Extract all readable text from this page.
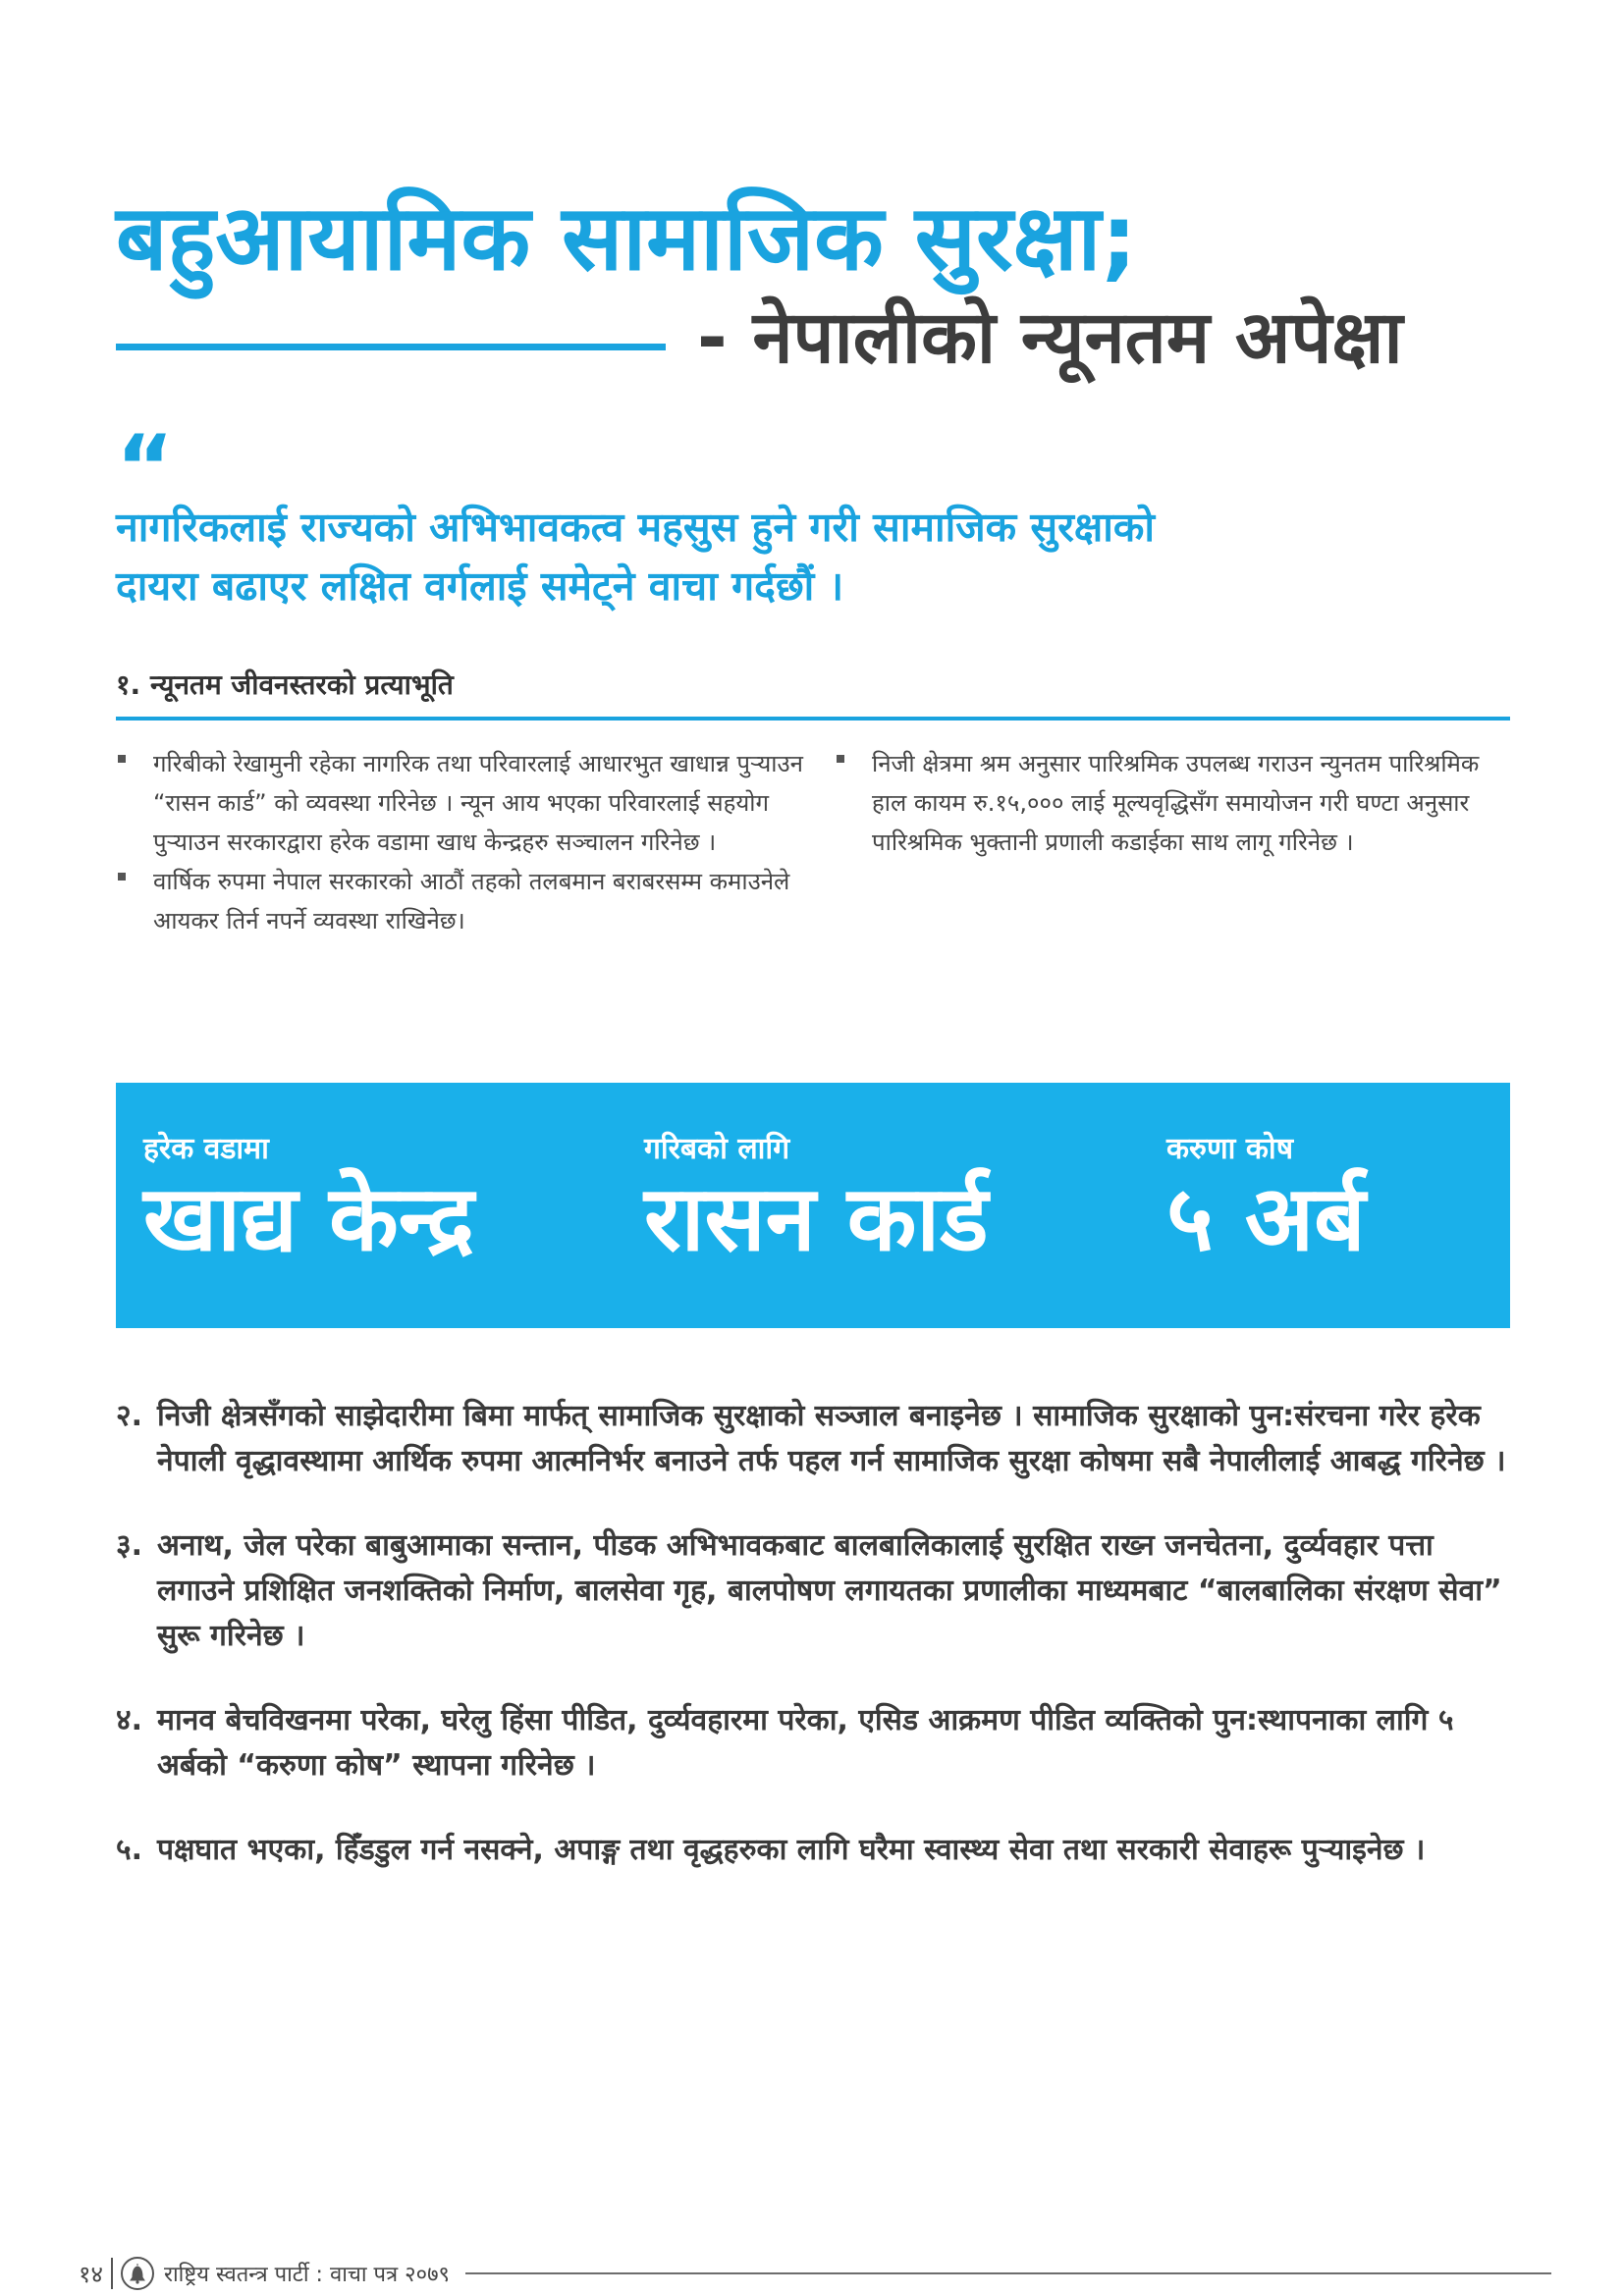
बहुआयामिक सामाजिक सुरक्षा;
- नेपालीको न्यूनतम अपेक्षा
“
नागरिकलाई राज्यको अभिभावकत्व महसुस हुने गरी सामाजिक सुरक्षाको
दायरा बढाएर लक्षित वर्गलाई समेट्ने वाचा गर्दछौं ।
१. न्यूनतम जीवनस्तरको प्रत्याभूति
गरिबीको रेखामुनी रहेका नागरिक तथा परिवारलाई आधारभुत खाधान्न पुऱ्याउन “रासन कार्ड” को व्यवस्था गरिनेछ । न्यून आय भएका परिवारलाई सहयोग पुऱ्याउन सरकारद्वारा हरेक वडामा खाध केन्द्रहरु सञ्चालन गरिनेछ ।
वार्षिक रुपमा नेपाल सरकारको आठौं तहको तलबमान बराबरसम्म कमाउनेले आयकर तिर्न नपर्ने व्यवस्था राखिनेछ।
निजी क्षेत्रमा श्रम अनुसार पारिश्रमिक उपलब्ध गराउन न्युनतम पारिश्रमिक हाल कायम रु.१५,००० लाई मूल्यवृद्धिसँग समायोजन गरी घण्टा अनुसार पारिश्रमिक भुक्तानी प्रणाली कडाईका साथ लागू गरिनेछ ।
हरेक वडामा
खाद्य केन्द्र
गरिबको लागि
रासन कार्ड
करुणा कोष
५ अर्ब
२. निजी क्षेत्रसँगको साझेदारीमा बिमा मार्फत् सामाजिक सुरक्षाको सञ्जाल बनाइनेछ । सामाजिक सुरक्षाको पुन:संरचना गरेर हरेक नेपाली वृद्धावस्थामा आर्थिक रुपमा आत्मनिर्भर बनाउने तर्फ पहल गर्न सामाजिक सुरक्षा कोषमा सबै नेपालीलाई आबद्ध गरिनेछ ।
३. अनाथ, जेल परेका बाबुआमाका सन्तान, पीडक अभिभावकबाट बालबालिकालाई सुरक्षित राख्न जनचेतना, दुर्व्यवहार पत्ता लगाउने प्रशिक्षित जनशक्तिको निर्माण, बालसेवा गृह, बालपोषण लगायतका प्रणालीका माध्यमबाट “बालबालिका संरक्षण सेवा” सुरू गरिनेछ ।
४. मानव बेचविखनमा परेका, घरेलु हिंसा पीडित, दुर्व्यवहारमा परेका, एसिड आक्रमण पीडित व्यक्तिको पुन:स्थापनाका लागि ५ अर्बको “करुणा कोष” स्थापना गरिनेछ ।
५. पक्षघात भएका, हिँडडुल गर्न नसक्ने, अपाङ्ग तथा वृद्धहरुका लागि घरैमा स्वास्थ्य सेवा तथा सरकारी सेवाहरू पुऱ्याइनेछ ।
१४	राष्ट्रिय स्वतन्त्र पार्टी : वाचा पत्र २०७९
